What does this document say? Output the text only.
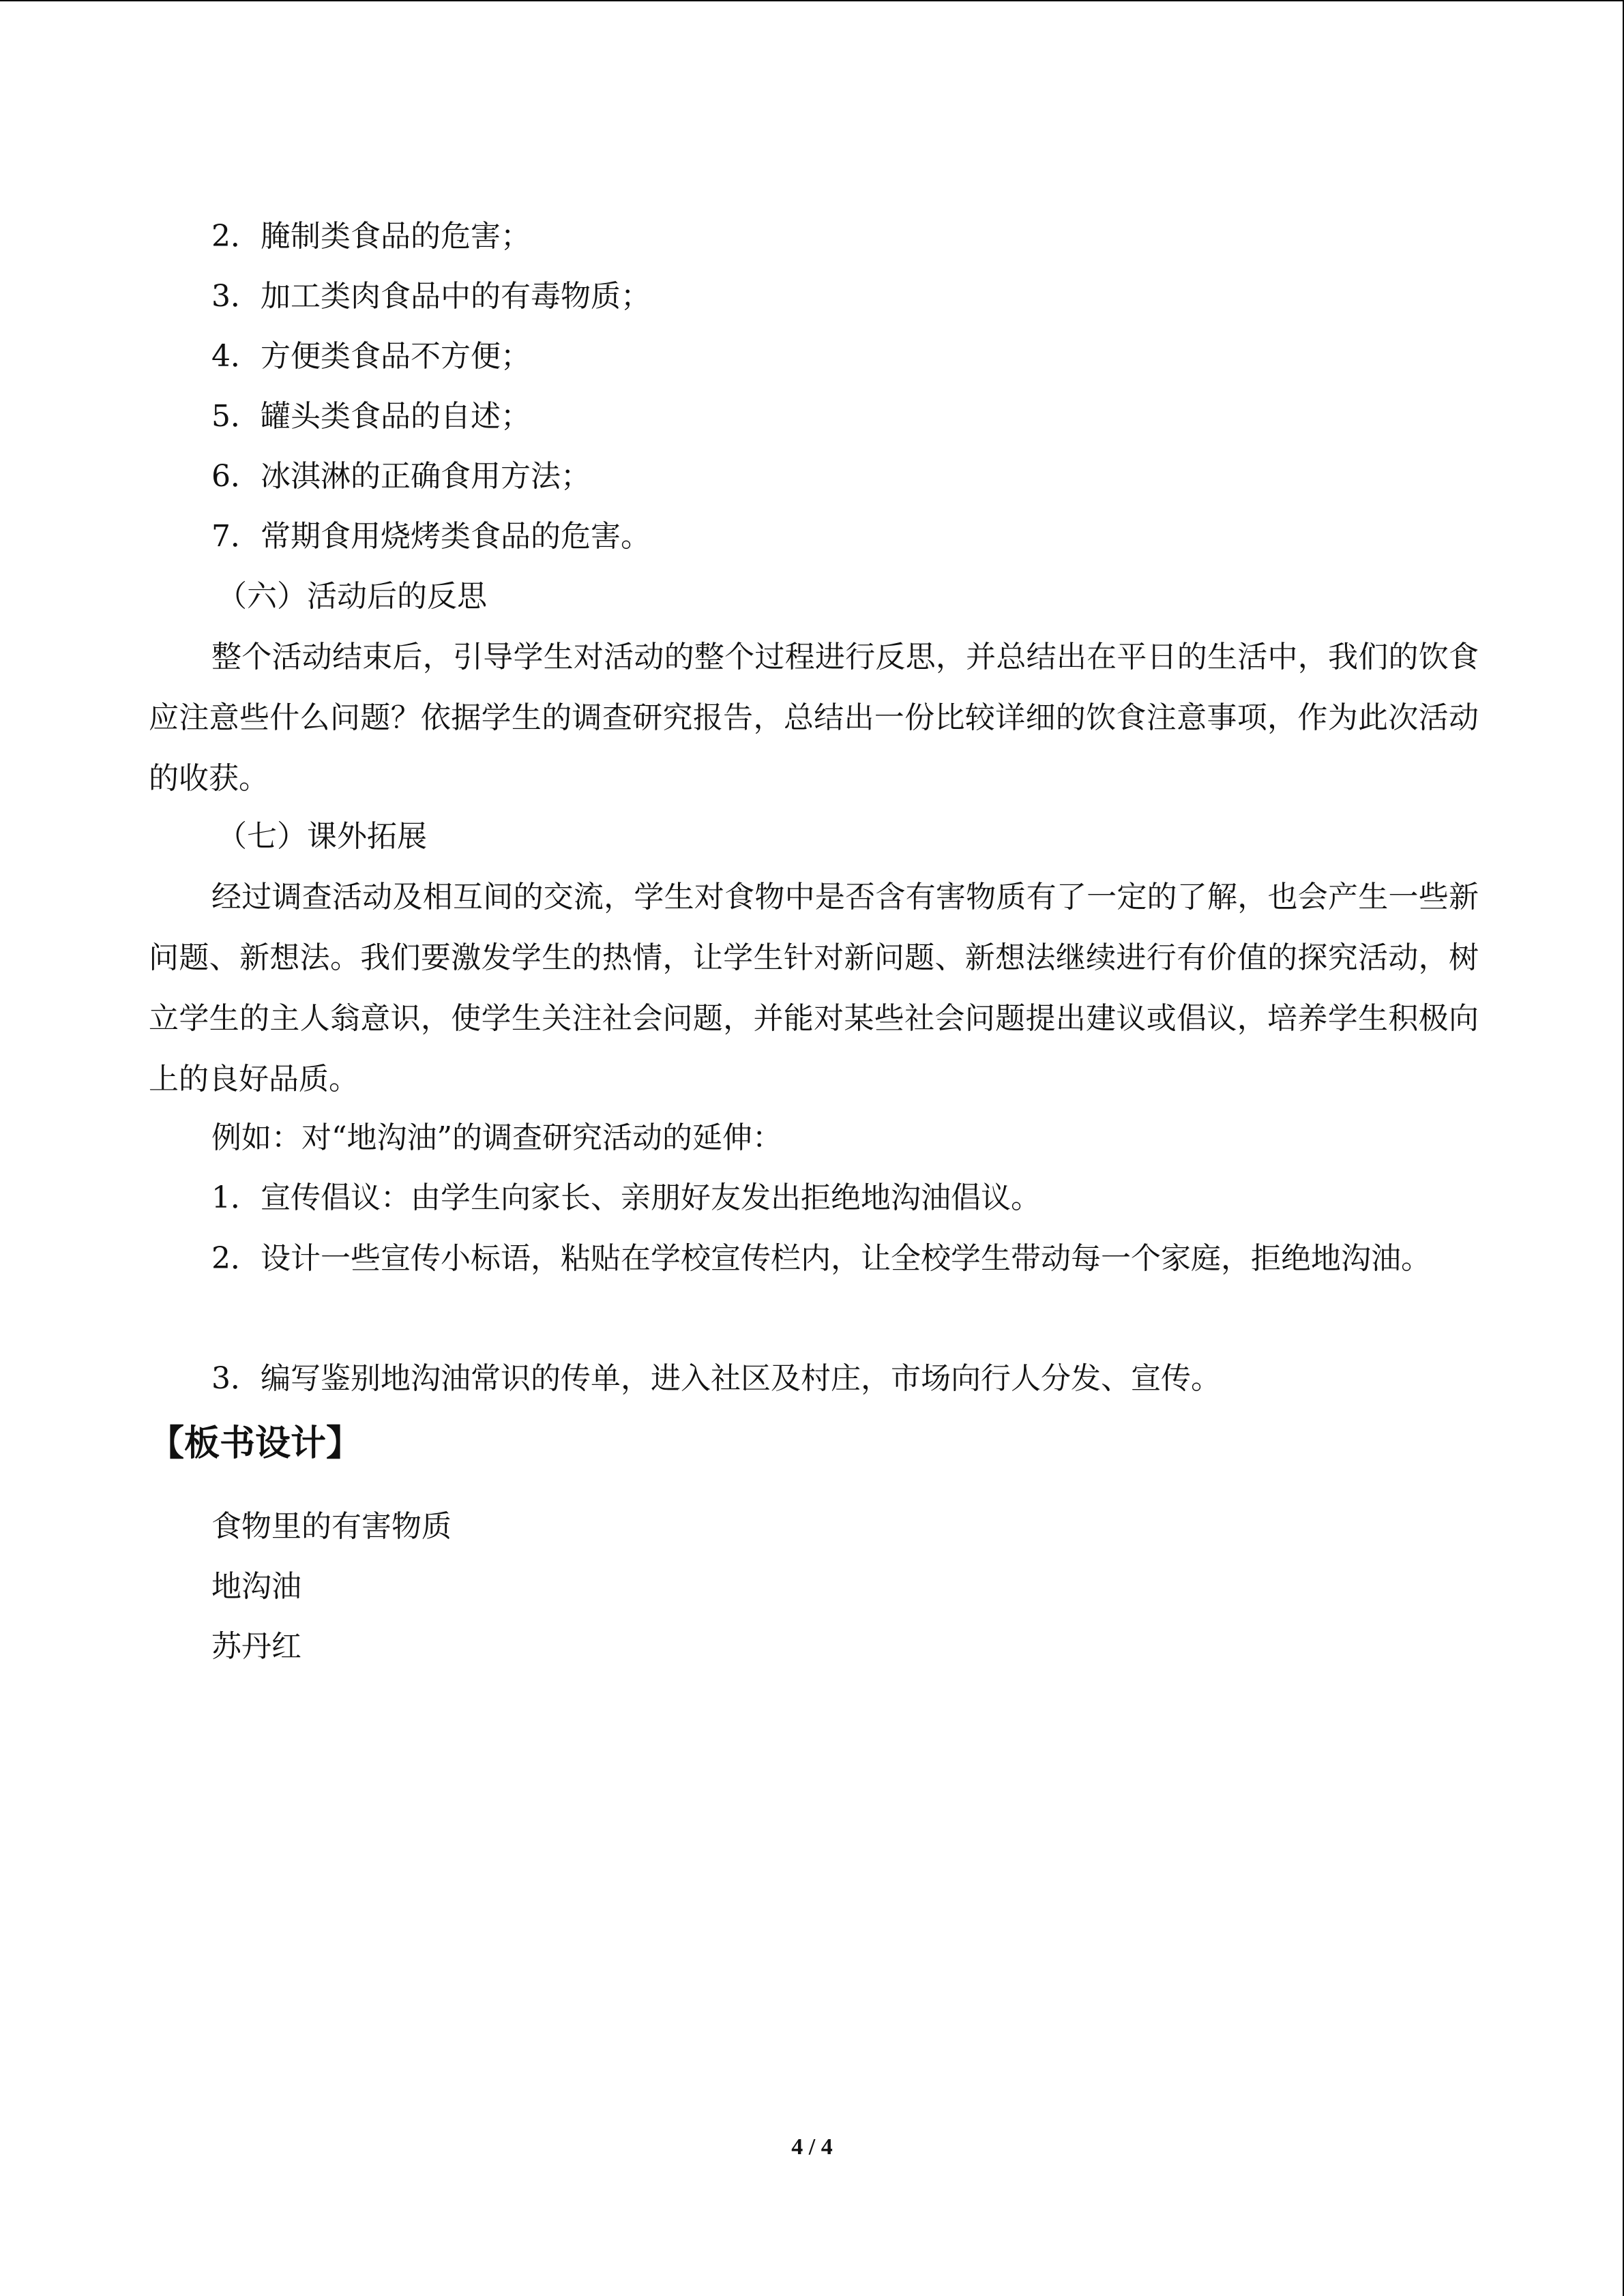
2．腌制类食品的危害；
3．加工类肉食品中的有毒物质；
4．方便类食品不方便；
5．罐头类食品的自述；
6．冰淇淋的正确食用方法；
7．常期食用烧烤类食品的危害。
（六）活动后的反思
整个活动结束后，引导学生对活动的整个过程进行反思，并总结出在平日的生活中，我们的饮食应注意些什么问题？依据学生的调查研究报告，总结出一份比较详细的饮食注意事项，作为此次活动的收获。
（七）课外拓展
经过调查活动及相互间的交流，学生对食物中是否含有害物质有了一定的了解，也会产生一些新问题、新想法。我们要激发学生的热情，让学生针对新问题、新想法继续进行有价值的探究活动，树立学生的主人翁意识，使学生关注社会问题，并能对某些社会问题提出建议或倡议，培养学生积极向上的良好品质。
例如：对“地沟油”的调查研究活动的延伸：
1．宣传倡议：由学生向家长、亲朋好友发出拒绝地沟油倡议。
2．设计一些宣传小标语，粘贴在学校宣传栏内，让全校学生带动每一个家庭，拒绝地沟油。
3．编写鉴别地沟油常识的传单，进入社区及村庄，市场向行人分发、宣传。
【板书设计】
食物里的有害物质
地沟油
苏丹红
4 / 4
